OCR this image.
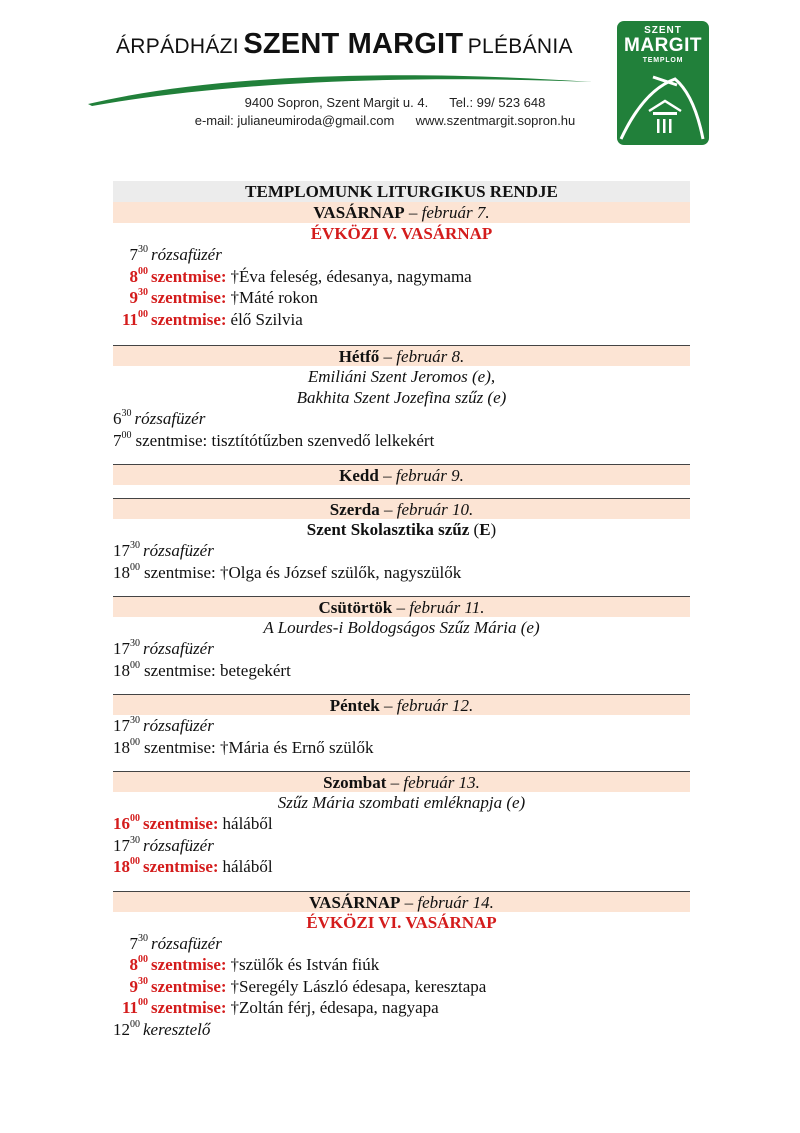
ÁRPÁDHÁZI SZENT MARGIT PLÉBÁNIA
9400 Sopron, Szent Margit u. 4. Tel.: 99/ 523 648
e-mail: julianeumiroda@gmail.com www.szentmargit.sopron.hu
SZENT
MARGIT
TEMPLOM
TEMPLOMUNK LITURGIKUS RENDJE
VASÁRNAP – február 7.
ÉVKÖZI V. VASÁRNAP
$7^{30}$ rózsafüzér
$8^{00}$ szentmise: †Éva feleség, édesanya, nagymama
$9^{30}$ szentmise: †Máté rokon
$11^{00}$ szentmise: élő Szilvia
Hétfő – február 8.
Emiliáni Szent Jeromos (e),
Bakhita Szent Jozefina szűz (e)
$6^{30}$ rózsafüzér
$7^{00}$ szentmise: tisztítótűzben szenvedő lelkekért
Kedd – február 9.
Szerda – február 10.
Szent Skolasztika szűz (E)
$17^{30}$ rózsafüzér
$18^{00}$ szentmise: †Olga és József szülők, nagyszülők
Csütörtök – február 11.
A Lourdes-i Boldogságos Szűz Mária (e)
$17^{30}$ rózsafüzér
$18^{00}$ szentmise: betegekért
Péntek – február 12.
$17^{30}$ rózsafüzér
$18^{00}$ szentmise: †Mária és Ernő szülők
Szombat – február 13.
Szűz Mária szombati emléknapja (e)
$16^{00}$ szentmise: háláből
$17^{30}$ rózsafüzér
$18^{00}$ szentmise: háláből
VASÁRNAP – február 14.
ÉVKÖZI VI. VASÁRNAP
$7^{30}$ rózsafüzér
$8^{00}$ szentmise: †szülők és István fiúk
$9^{30}$ szentmise: †Seregély László édesapa, keresztapa
$11^{00}$ szentmise: †Zoltán férj, édesapa, nagyapa
$12^{00}$ keresztelő
